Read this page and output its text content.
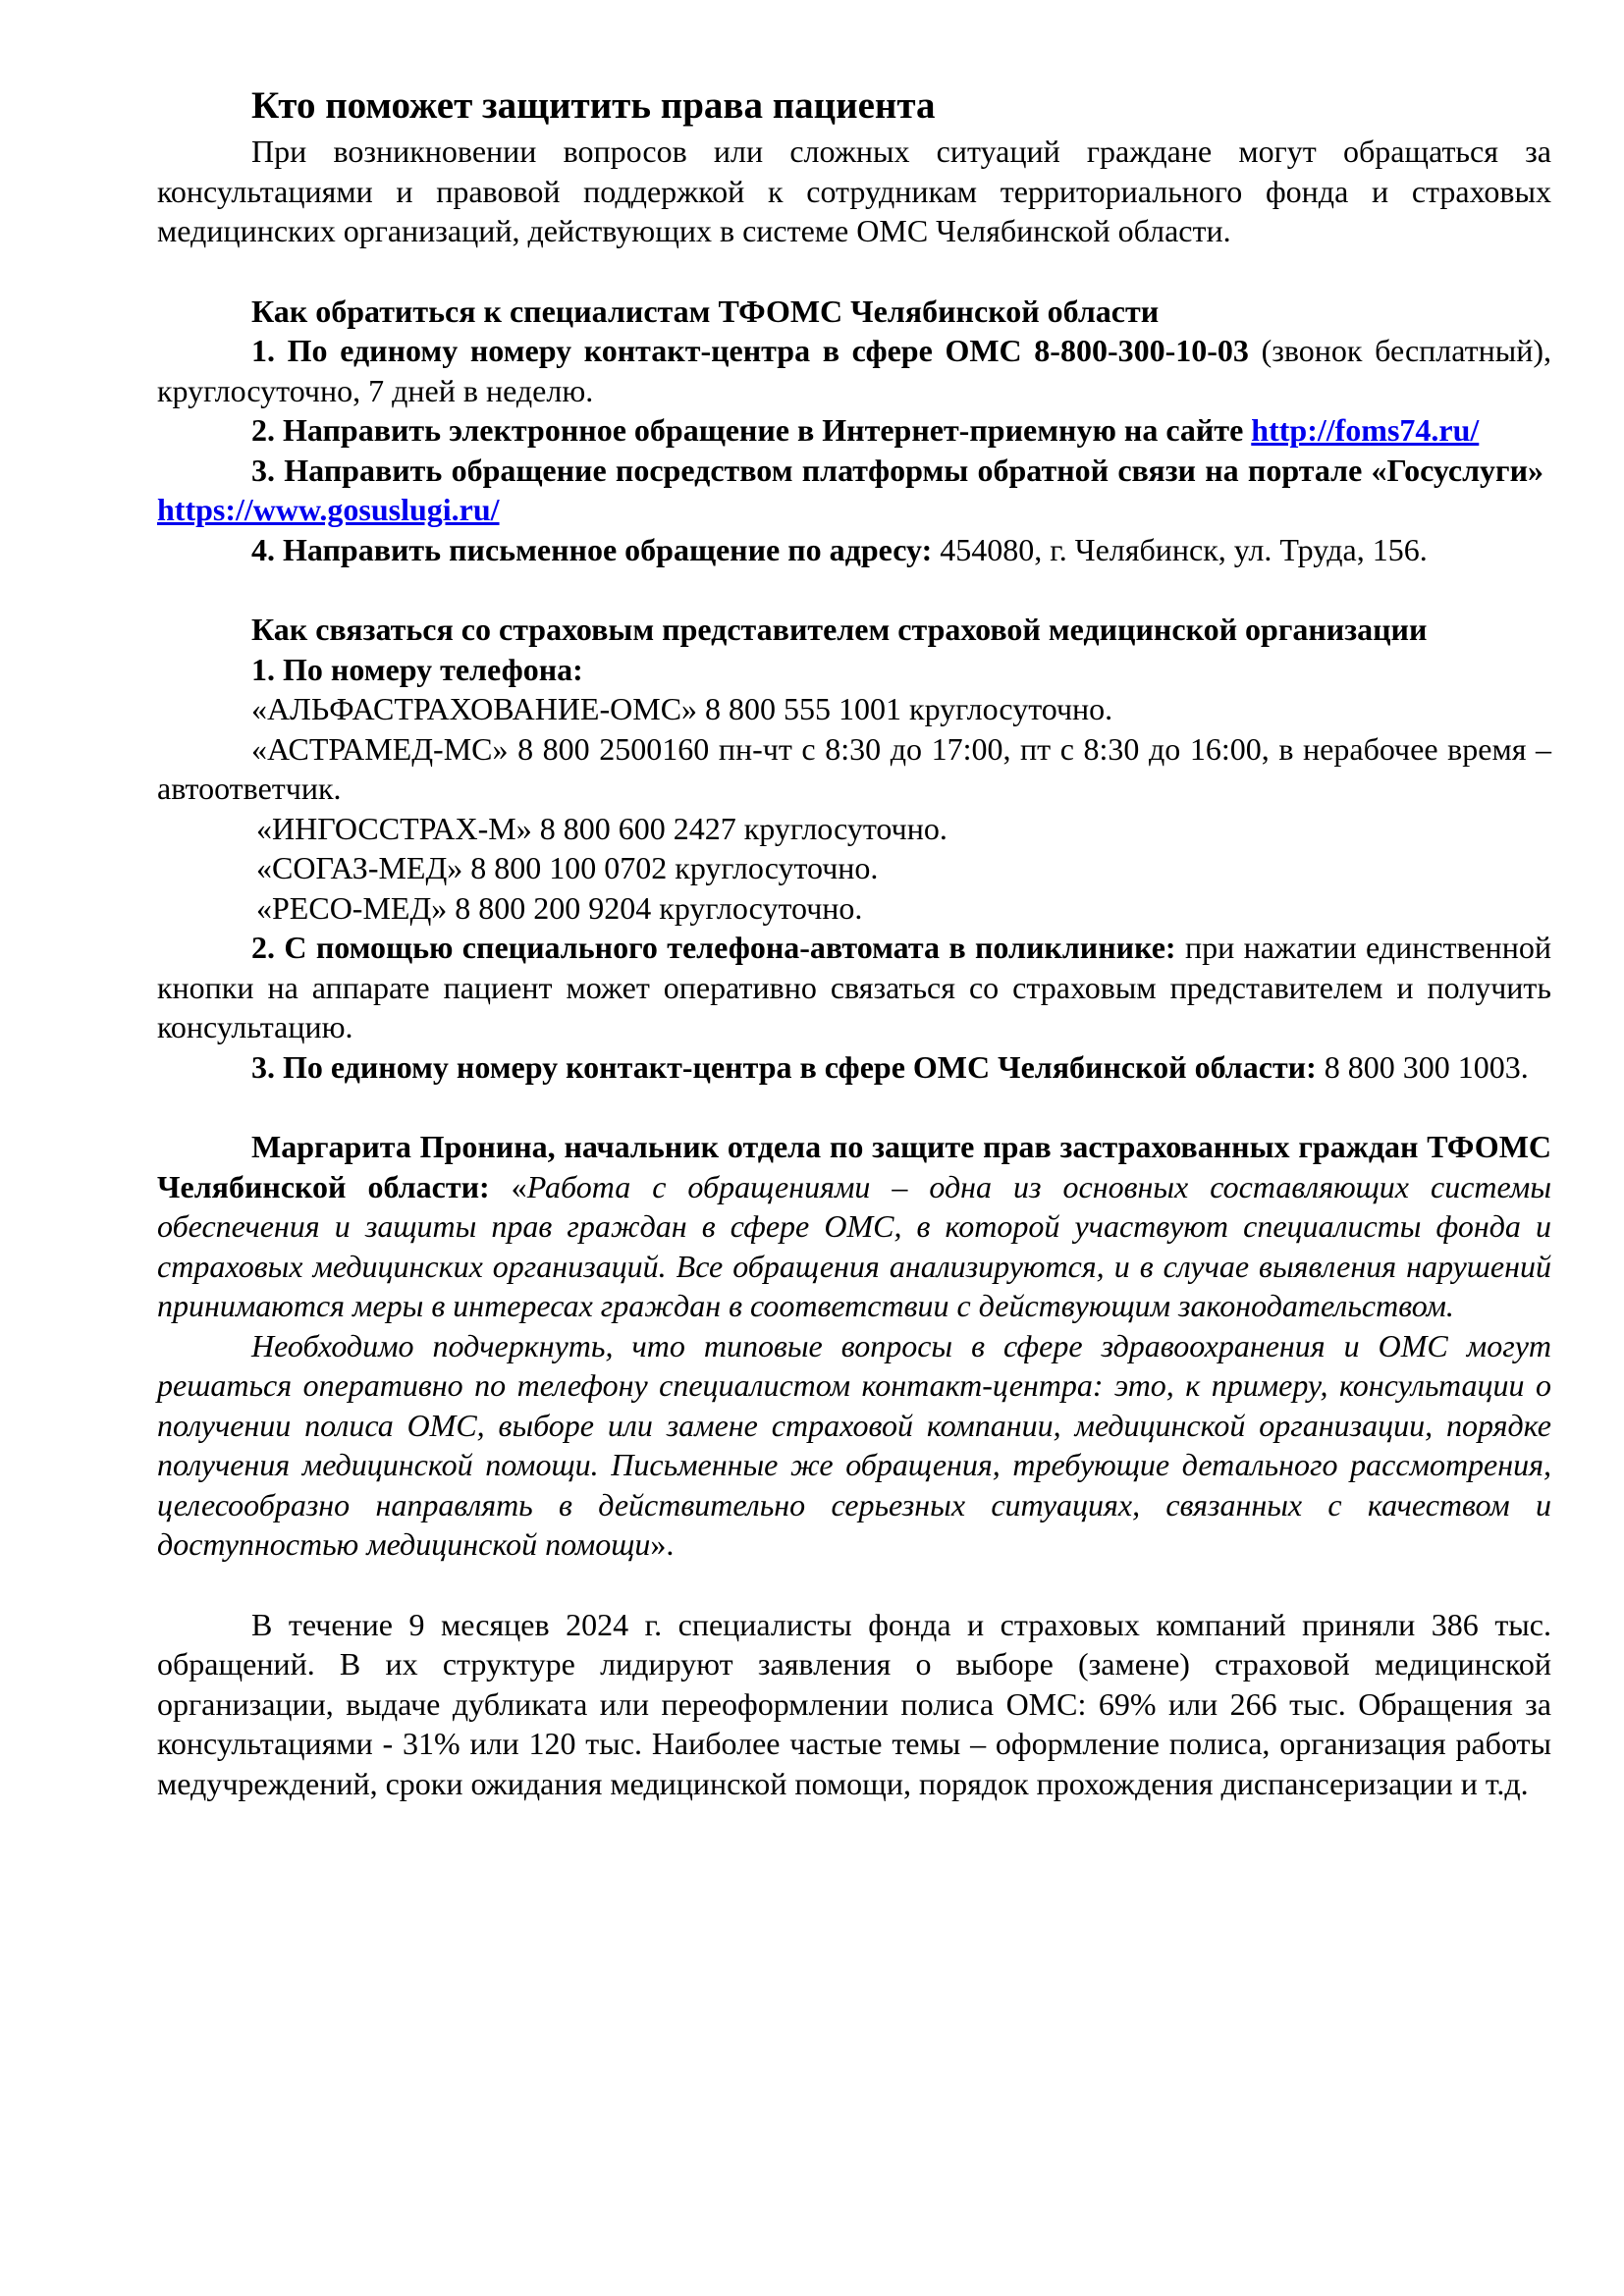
Кто поможет защитить права пациента

При возникновении вопросов или сложных ситуаций граждане могут обращаться за консультациями и правовой поддержкой к сотрудникам территориального фонда и страховых медицинских организаций, действующих в системе ОМС Челябинской области.

Как обратиться к специалистам ТФОМС Челябинской области

1. По единому номеру контакт-центра в сфере ОМС 8-800-300-10-03 (звонок бесплатный), круглосуточно, 7 дней в неделю.

2. Направить электронное обращение в Интернет-приемную на сайте http://foms74.ru/

3. Направить обращение посредством платформы обратной связи на портале «Госуслуги»  https://www.gosuslugi.ru/

4. Направить письменное обращение по адресу: 454080, г. Челябинск, ул. Труда, 156.

Как связаться со страховым представителем страховой медицинской организации

1. По номеру телефона:

«АЛЬФАСТРАХОВАНИЕ-ОМС» 8 800 555 1001 круглосуточно.

«АСТРАМЕД-МС» 8 800 2500160 пн-чт с 8:30 до 17:00, пт с 8:30 до 16:00, в нерабочее время – автоответчик.

«ИНГОССТРАХ-М» 8 800 600 2427 круглосуточно.

«СОГАЗ-МЕД» 8 800 100 0702 круглосуточно.

«РЕСО-МЕД» 8 800 200 9204 круглосуточно.

2. С помощью специального телефона-автомата в поликлинике: при нажатии единственной кнопки на аппарате пациент может оперативно связаться со страховым представителем и получить консультацию.

3. По единому номеру контакт-центра в сфере ОМС Челябинской области: 8 800 300 1003.

Маргарита Пронина, начальник отдела по защите прав застрахованных граждан ТФОМС Челябинской области: «Работа с обращениями – одна из основных составляющих системы обеспечения и защиты прав граждан в сфере ОМС, в которой участвуют специалисты фонда и страховых медицинских организаций. Все обращения анализируются, и в случае выявления нарушений принимаются меры в интересах граждан в соответствии с действующим законодательством.

Необходимо подчеркнуть, что типовые вопросы в сфере здравоохранения и ОМС могут решаться оперативно по телефону специалистом контакт-центра: это, к примеру, консультации о получении полиса ОМС, выборе или замене страховой компании, медицинской организации, порядке получения медицинской помощи. Письменные же обращения, требующие детального рассмотрения, целесообразно направлять в действительно серьезных ситуациях, связанных с качеством и доступностью медицинской помощи».

В течение 9 месяцев 2024 г. специалисты фонда и страховых компаний приняли 386 тыс. обращений. В их структуре лидируют заявления о выборе (замене) страховой медицинской организации, выдаче дубликата или переоформлении полиса ОМС: 69% или 266 тыс. Обращения за консультациями - 31% или 120 тыс. Наиболее частые темы – оформление полиса, организация работы медучреждений, сроки ожидания медицинской помощи, порядок прохождения диспансеризации и т.д.
